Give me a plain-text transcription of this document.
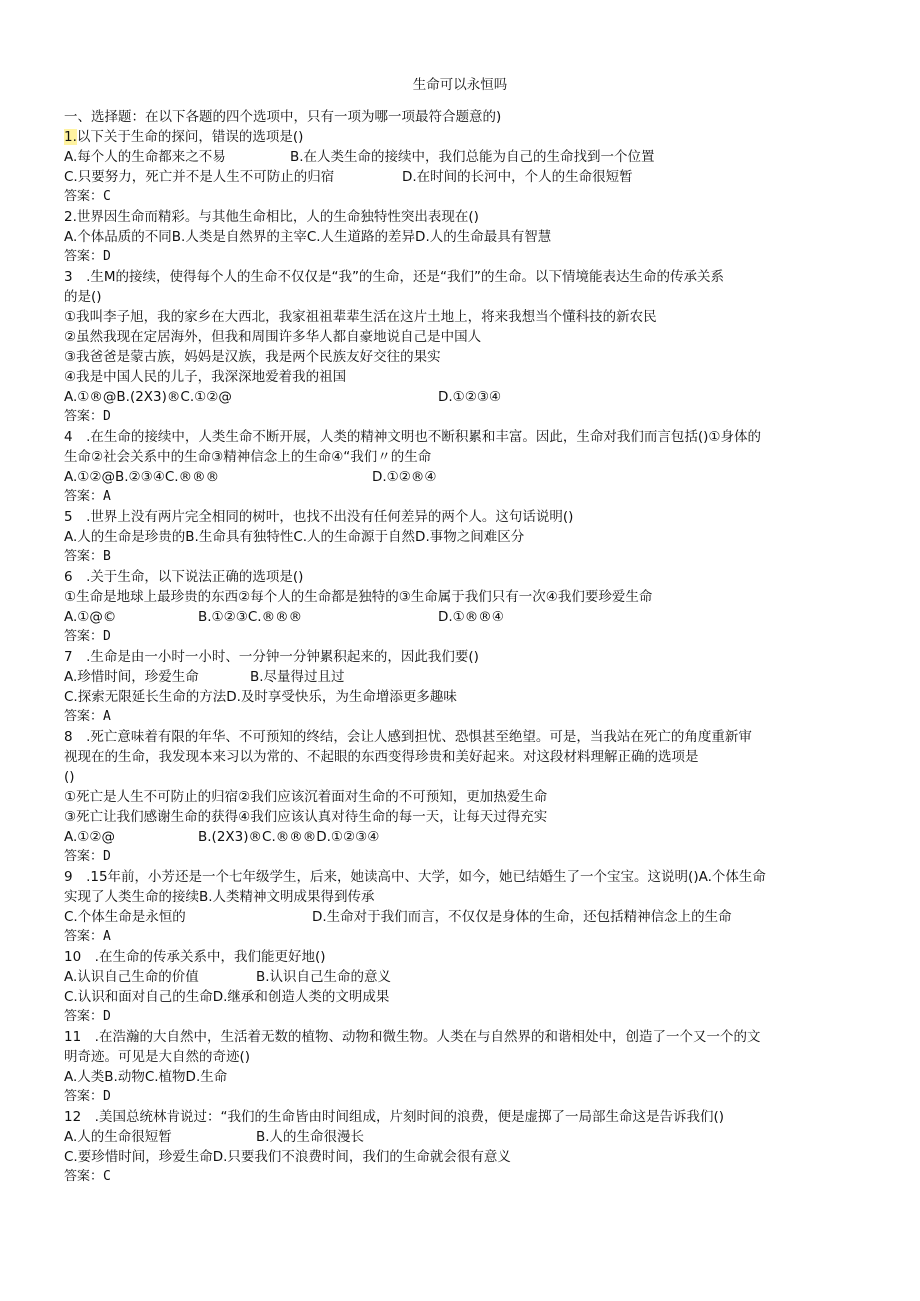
生命可以永恒吗
一、选择题：在以下各题的四个选项中，只有一项为哪一项最符合题意的)
1.以下关于生命的探问，错误的选项是()
A.每个人的生命都来之不易	B.在人类生命的接续中，我们总能为自己的生命找到一个位置
C.只要努力，死亡并不是人生不可防止的归宿	D.在时间的长河中，个人的生命很短暂
答案：C
2.世界因生命而精彩。与其他生命相比，人的生命独特性突出表现在()
A.个体品质的不同B.人类是自然界的主宰C.人生道路的差异D.人的生命最具有智慧
答案：D
3　.生M的接续，使得每个人的生命不仅仅是“我”的生命，还是“我们”的生命。以下情境能表达生命的传承关系
的是()
①我叫李子旭，我的家乡在大西北，我家祖祖辈辈生活在这片土地上，将来我想当个懂科技的新农民
②虽然我现在定居海外，但我和周围许多华人都自豪地说自己是中国人
③我爸爸是蒙古族，妈妈是汉族，我是两个民族友好交往的果实
④我是中国人民的儿子，我深深地爱着我的祖国
A.①®@B.(2X3)®C.①②@	D.①②③④
答案：D
4　.在生命的接续中，人类生命不断开展，人类的精神文明也不断积累和丰富。因此，生命对我们而言包括()①身体的
生命②社会关系中的生命③精神信念上的生命④“我们〃的生命
A.①②@B.②③④C.®®®	D.①②®④
答案：A
5　.世界上没有两片完全相同的树叶，也找不出没有任何差异的两个人。这句话说明()
A.人的生命是珍贵的B.生命具有独特性C.人的生命源于自然D.事物之间难区分
答案：B
6　.关于生命，以下说法正确的选项是()
①生命是地球上最珍贵的东西②每个人的生命都是独特的③生命属于我们只有一次④我们要珍爱生命
A.①@©	B.①②③C.®®®	D.①®®④
答案：D
7　.生命是由一小时一小时、一分钟一分钟累积起来的，因此我们要()
A.珍惜时间，珍爱生命	B.尽量得过且过
C.探索无限延长生命的方法D.及时享受快乐，为生命增添更多趣味
答案：A
8　.死亡意味着有限的年华、不可预知的终结，会让人感到担忧、恐惧甚至绝望。可是，当我站在死亡的角度重新审
视现在的生命，我发现本来习以为常的、不起眼的东西变得珍贵和美好起来。对这段材料理解正确的选项是
()
①死亡是人生不可防止的归宿②我们应该沉着面对生命的不可预知，更加热爱生命
③死亡让我们感谢生命的获得④我们应该认真对待生命的每一天，让每天过得充实
A.①②@	B.(2X3)®C.®®®D.①②③④
答案：D
9　.15年前，小芳还是一个七年级学生，后来，她读高中、大学，如今，她已结婚生了一个宝宝。这说明()A.个体生命
实现了人类生命的接续B.人类精神文明成果得到传承
C.个体生命是永恒的	D.生命对于我们而言，不仅仅是身体的生命，还包括精神信念上的生命
答案：A
10　.在生命的传承关系中，我们能更好地()
A.认识自己生命的价值	B.认识自己生命的意义
C.认识和面对自己的生命D.继承和创造人类的文明成果
答案：D
11　.在浩瀚的大自然中，生活着无数的植物、动物和微生物。人类在与自然界的和谐相处中，创造了一个又一个的文
明奇迹。可见是大自然的奇迹()
A.人类B.动物C.植物D.生命
答案：D
12　.美国总统林肯说过：“我们的生命皆由时间组成，片刻时间的浪费，便是虚掷了一局部生命这是告诉我们()
A.人的生命很短暂	B.人的生命很漫长
C.要珍惜时间，珍爱生命D.只要我们不浪费时间，我们的生命就会很有意义
答案：C
